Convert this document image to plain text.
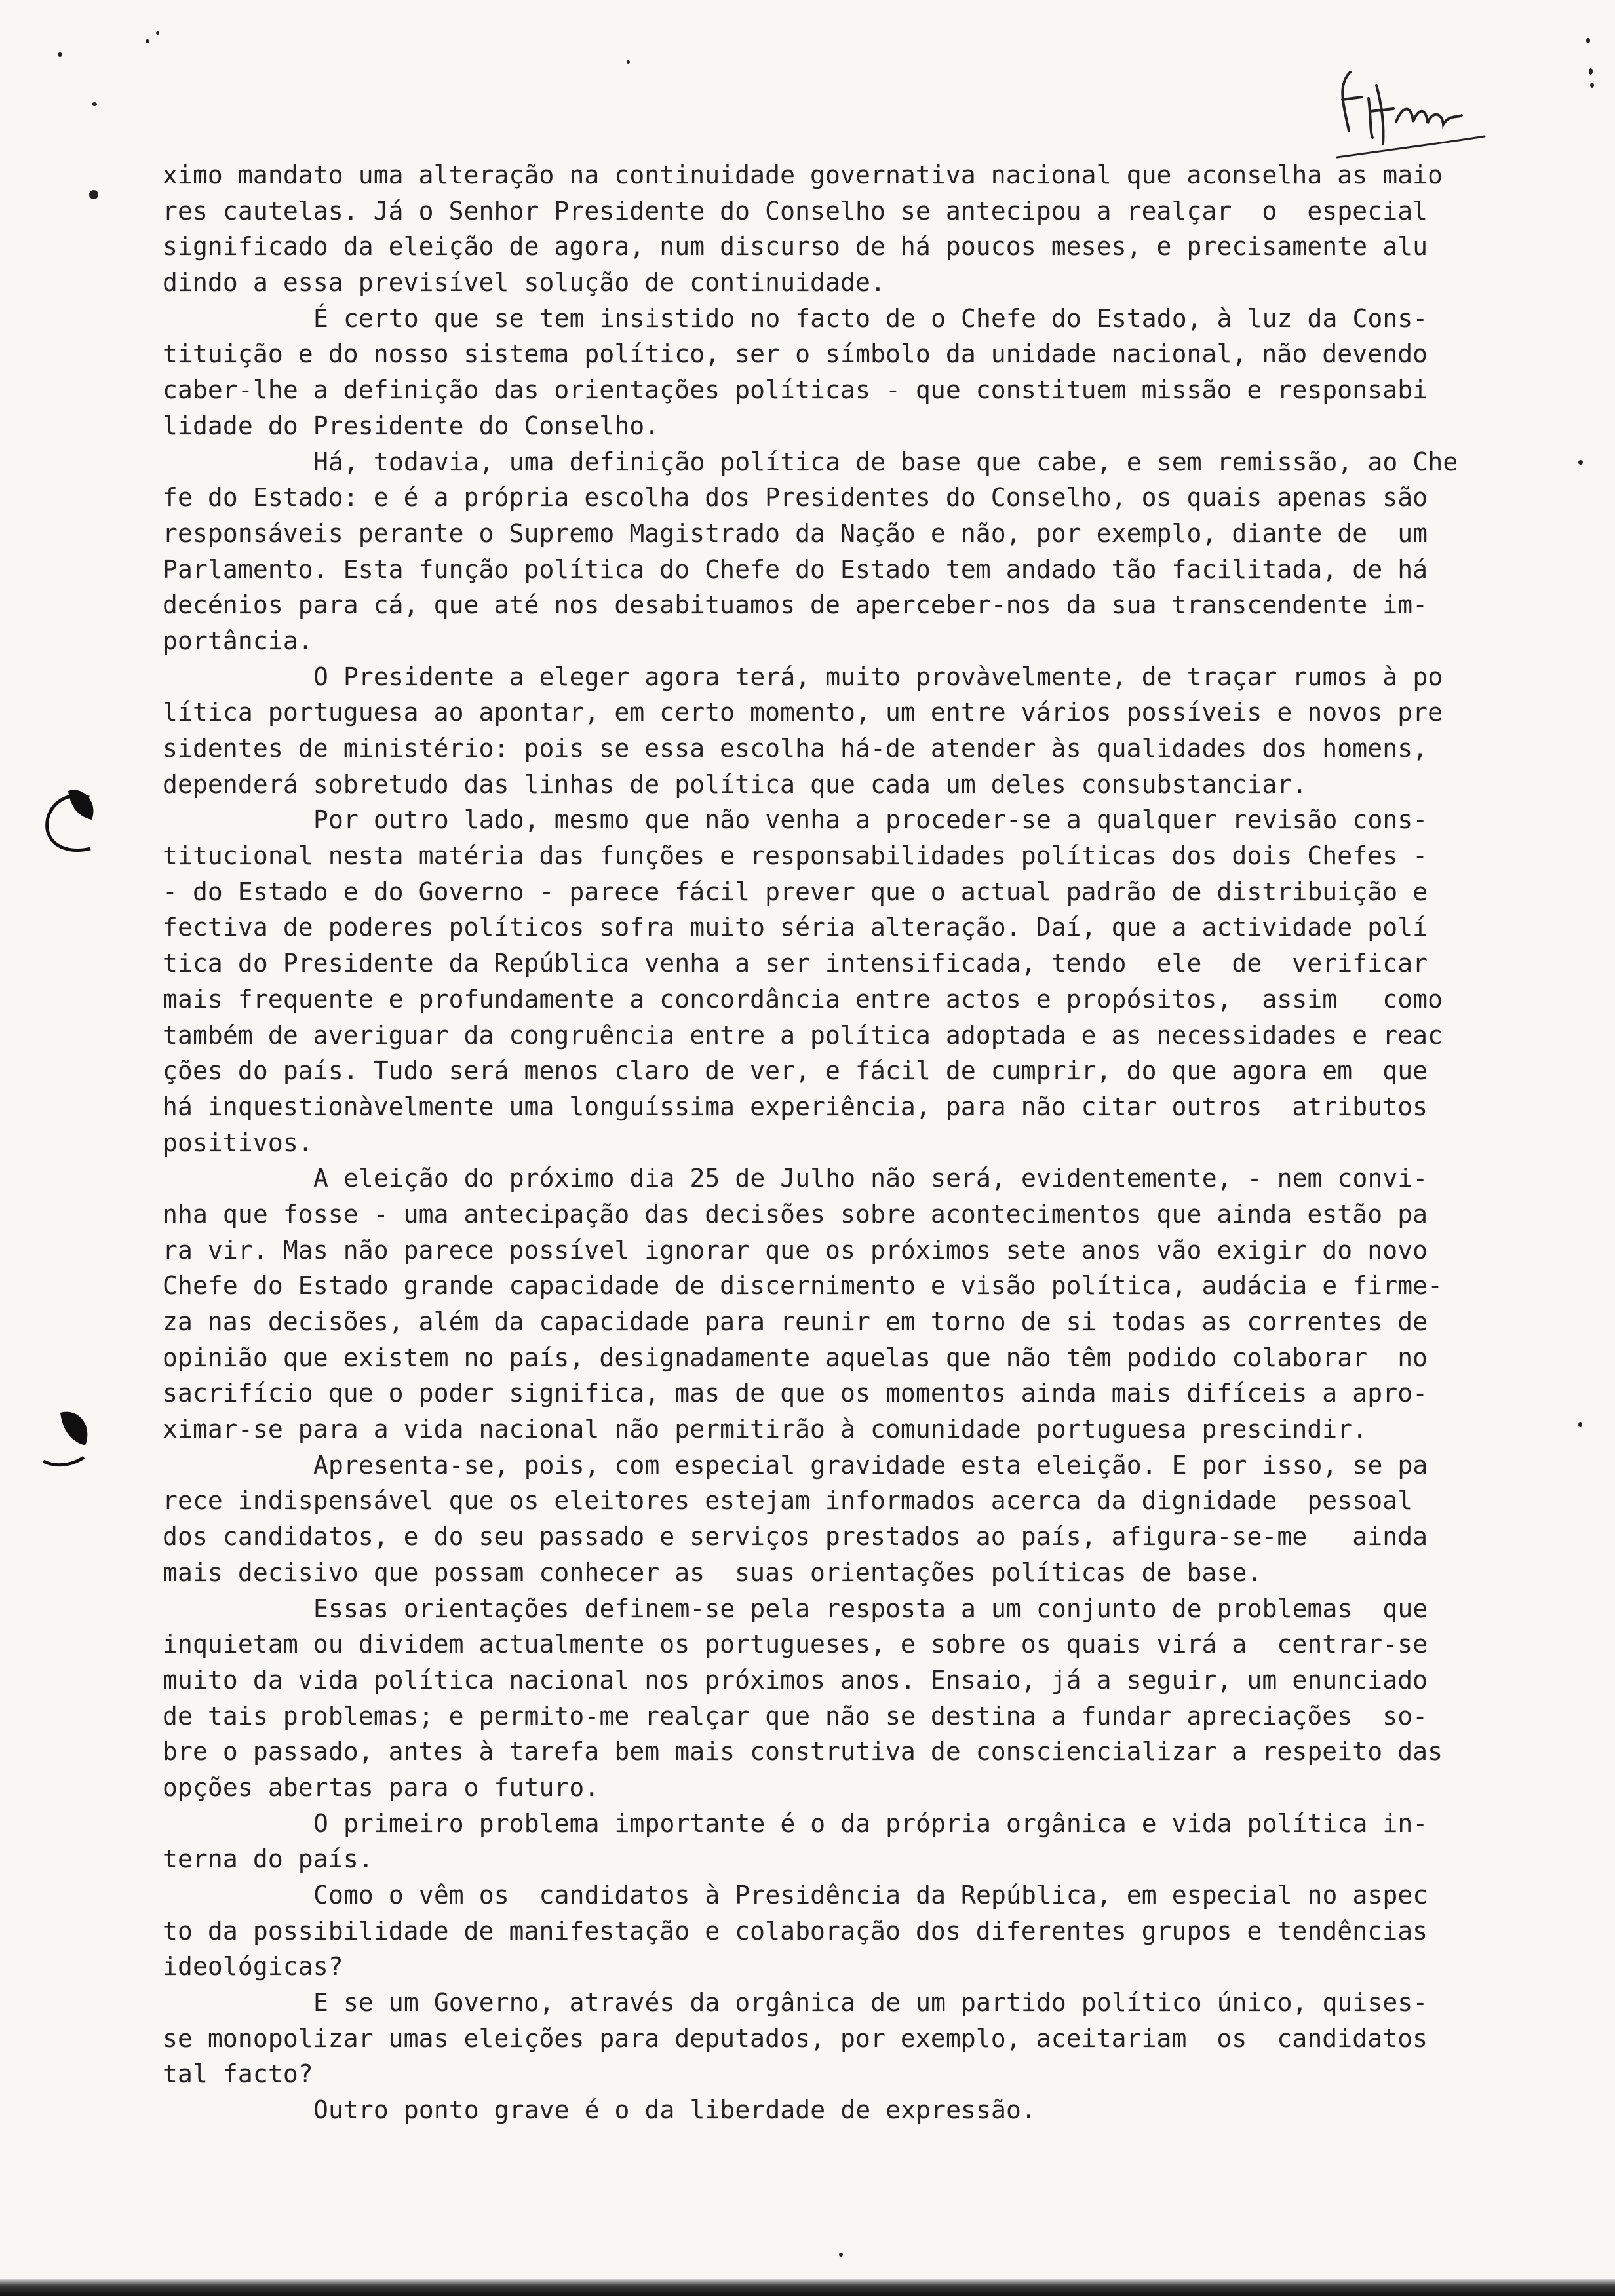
ximo mandato uma alteração na continuidade governativa nacional que aconselha as maio
res cautelas. Já o Senhor Presidente do Conselho se antecipou a realçar  o  especial
significado da eleição de agora, num discurso de há poucos meses, e precisamente alu
dindo a essa previsível solução de continuidade.
É certo que se tem insistido no facto de o Chefe do Estado, à luz da Cons-
tituição e do nosso sistema político, ser o símbolo da unidade nacional, não devendo
caber-lhe a definição das orientações políticas - que constituem missão e responsabi
lidade do Presidente do Conselho.
Há, todavia, uma definição política de base que cabe, e sem remissão, ao Che
fe do Estado: e é a própria escolha dos Presidentes do Conselho, os quais apenas são
responsáveis perante o Supremo Magistrado da Nação e não, por exemplo, diante de  um
Parlamento. Esta função política do Chefe do Estado tem andado tão facilitada, de há
decénios para cá, que até nos desabituamos de aperceber-nos da sua transcendente im-
portância.
O Presidente a eleger agora terá, muito provàvelmente, de traçar rumos à po
lítica portuguesa ao apontar, em certo momento, um entre vários possíveis e novos pre
sidentes de ministério: pois se essa escolha há-de atender às qualidades dos homens,
dependerá sobretudo das linhas de política que cada um deles consubstanciar.
Por outro lado, mesmo que não venha a proceder-se a qualquer revisão cons-
titucional nesta matéria das funções e responsabilidades políticas dos dois Chefes -
- do Estado e do Governo - parece fácil prever que o actual padrão de distribuição e
fectiva de poderes políticos sofra muito séria alteração. Daí, que a actividade polí
tica do Presidente da República venha a ser intensificada, tendo  ele  de  verificar
mais frequente e profundamente a concordância entre actos e propósitos,  assim   como
também de averiguar da congruência entre a política adoptada e as necessidades e reac
ções do país. Tudo será menos claro de ver, e fácil de cumprir, do que agora em  que
há inquestionàvelmente uma longuíssima experiência, para não citar outros  atributos
positivos.
A eleição do próximo dia 25 de Julho não será, evidentemente, - nem convi-
nha que fosse - uma antecipação das decisões sobre acontecimentos que ainda estão pa
ra vir. Mas não parece possível ignorar que os próximos sete anos vão exigir do novo
Chefe do Estado grande capacidade de discernimento e visão política, audácia e firme-
za nas decisões, além da capacidade para reunir em torno de si todas as correntes de
opinião que existem no país, designadamente aquelas que não têm podido colaborar  no
sacrifício que o poder significa, mas de que os momentos ainda mais difíceis a apro-
ximar-se para a vida nacional não permitirão à comunidade portuguesa prescindir.
Apresenta-se, pois, com especial gravidade esta eleição. E por isso, se pa
rece indispensável que os eleitores estejam informados acerca da dignidade  pessoal
dos candidatos, e do seu passado e serviços prestados ao país, afigura-se-me   ainda
mais decisivo que possam conhecer as  suas orientações políticas de base.
Essas orientações definem-se pela resposta a um conjunto de problemas  que
inquietam ou dividem actualmente os portugueses, e sobre os quais virá a  centrar-se
muito da vida política nacional nos próximos anos. Ensaio, já a seguir, um enunciado
de tais problemas; e permito-me realçar que não se destina a fundar apreciações  so-
bre o passado, antes à tarefa bem mais construtiva de consciencializar a respeito das
opções abertas para o futuro.
O primeiro problema importante é o da própria orgânica e vida política in-
terna do país.
Como o vêm os  candidatos à Presidência da República, em especial no aspec
to da possibilidade de manifestação e colaboração dos diferentes grupos e tendências
ideológicas?
E se um Governo, através da orgânica de um partido político único, quises-
se monopolizar umas eleições para deputados, por exemplo, aceitariam  os  candidatos
tal facto?
Outro ponto grave é o da liberdade de expressão.
